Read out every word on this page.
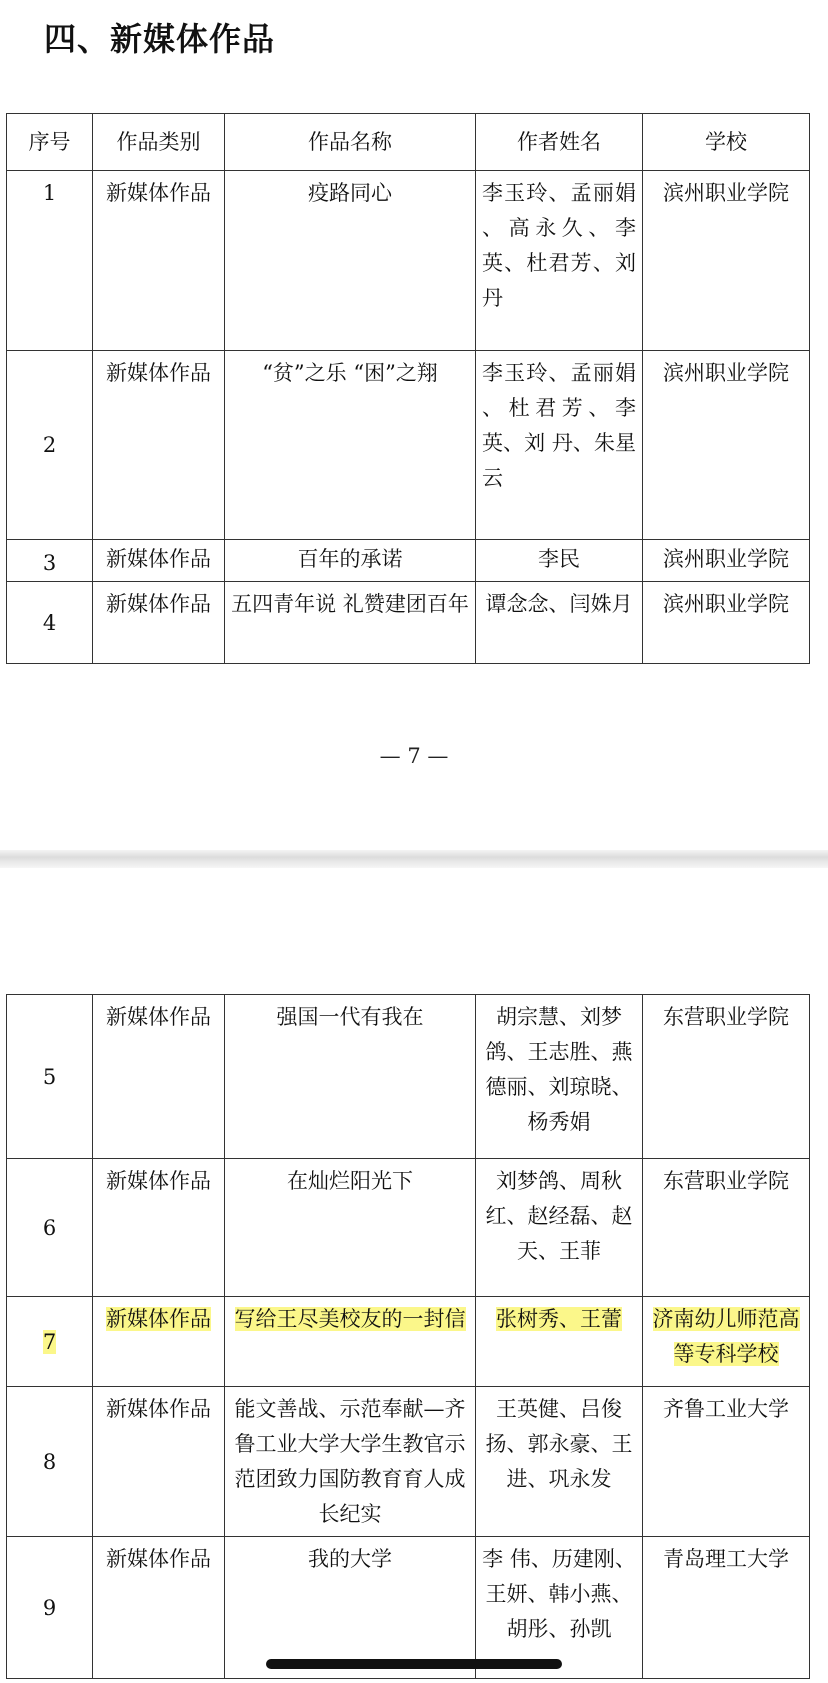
四、新媒体作品
序号	作品类别	作品名称	作者姓名	学校
1	新媒体作品	疫路同心	李玉玲、孟丽娟 、高永久、李　 英、杜君芳、刘 丹	滨州职业学院
2	新媒体作品	“贫”之乐 “困”之翔	李玉玲、孟丽娟 、杜君芳、李　英、刘 丹、朱星云	滨州职业学院
3	新媒体作品	百年的承诺	李民	滨州职业学院
4	新媒体作品	五四青年说 礼赞建团百年	谭念念、闫姝月	滨州职业学院
— 7 —
5	新媒体作品	强国一代有我在	胡宗慧、刘梦鸽、王志胜、燕德丽、刘琼晓、杨秀娟	东营职业学院
6	新媒体作品	在灿烂阳光下	刘梦鸽、周秋红、赵经磊、赵天、王菲	东营职业学院
7	新媒体作品	写给王尽美校友的一封信	张树秀、王蕾	济南幼儿师范高等专科学校
8	新媒体作品	能文善战、示范奉献—齐鲁工业大学大学生教官示范团致力国防教育育人成长纪实	王英健、吕俊扬、郭永豪、王进、巩永发	齐鲁工业大学
9	新媒体作品	我的大学	李 伟、历建刚、王妍、韩小燕、胡彤、孙凯	青岛理工大学
